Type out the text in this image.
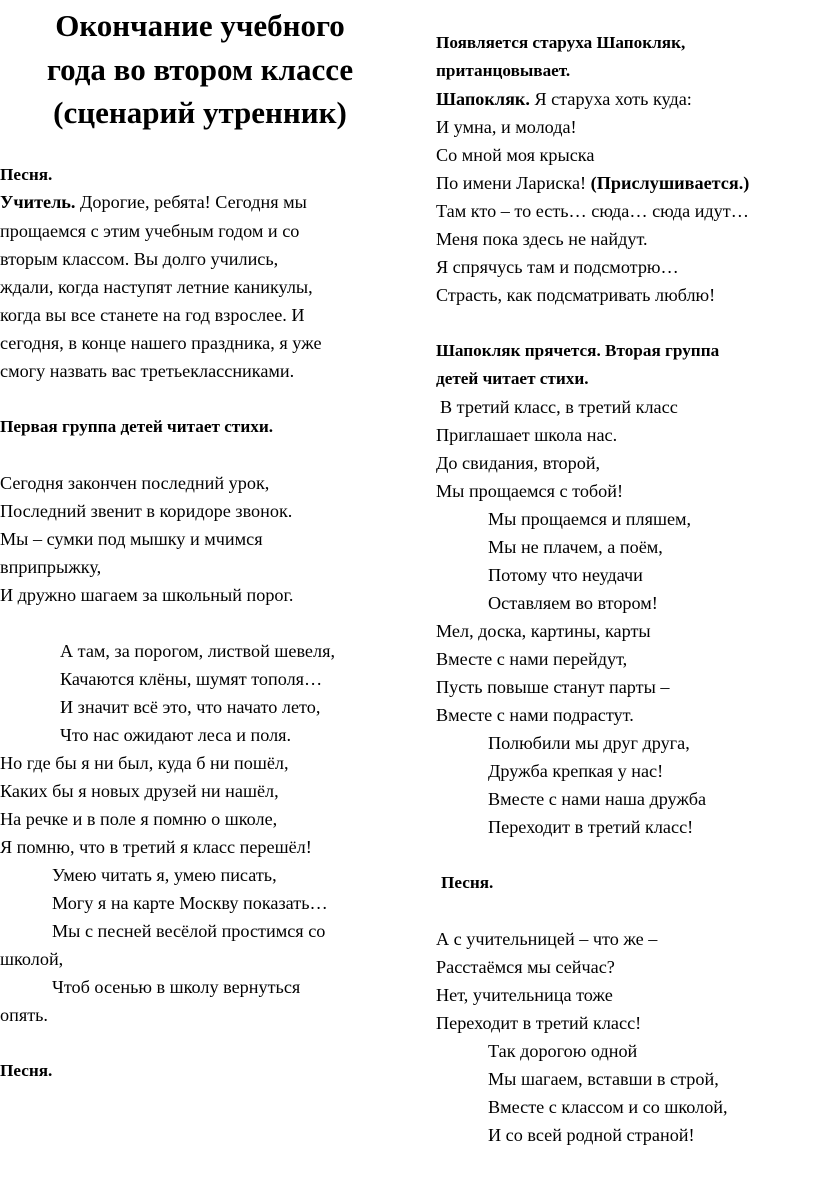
Окончание учебного
года во втором классе
(сценарий утренник)
Песня.
Учитель. Дорогие, ребята! Сегодня мы
прощаемся с этим учебным годом и со
вторым классом. Вы долго учились,
ждали, когда наступят летние каникулы,
когда вы все станете на год взрослее. И
сегодня, в конце нашего праздника, я уже
смогу назвать вас третьеклассниками.
Первая группа детей читает стихи.
Сегодня закончен последний урок,
Последний звенит в коридоре звонок.
Мы – сумки под мышку и мчимся
вприпрыжку,
И дружно шагаем за школьный порог.
А там, за порогом, листвой шевеля,
Качаются клёны, шумят тополя…
И значит всё это, что начато лето,
Что нас ожидают леса и поля.
Но где бы я ни был, куда б ни пошёл,
Каких бы я новых друзей ни нашёл,
На речке и в поле я помню о школе,
Я помню, что в третий я класс перешёл!
Умею читать я, умею писать,
Могу я на карте Москву показать…
Мы с песней весёлой простимся со
школой,
Чтоб осенью в школу вернуться
опять.
Песня.
Появляется старуха Шапокляк,
пританцовывает.
Шапокляк. Я старуха хоть куда:
И умна, и молода!
Со мной моя крыска
По имени Лариска! (Прислушивается.)
Там кто – то есть… сюда… сюда идут…
Меня пока здесь не найдут.
Я спрячусь там и подсмотрю…
Страсть, как подсматривать люблю!
Шапокляк прячется. Вторая группа
детей читает стихи.
В третий класс, в третий класс
Приглашает школа нас.
До свидания, второй,
Мы прощаемся с тобой!
Мы прощаемся и пляшем,
Мы не плачем, а поём,
Потому что неудачи
Оставляем во втором!
Мел, доска, картины, карты
Вместе с нами перейдут,
Пусть повыше станут парты –
Вместе с нами подрастут.
Полюбили мы друг друга,
Дружба крепкая у нас!
Вместе с нами наша дружба
Переходит в третий класс!
Песня.
А с учительницей – что же –
Расстаёмся мы сейчас?
Нет, учительница тоже
Переходит в третий класс!
Так дорогою одной
Мы шагаем, вставши в строй,
Вместе с классом и со школой,
И со всей родной страной!
